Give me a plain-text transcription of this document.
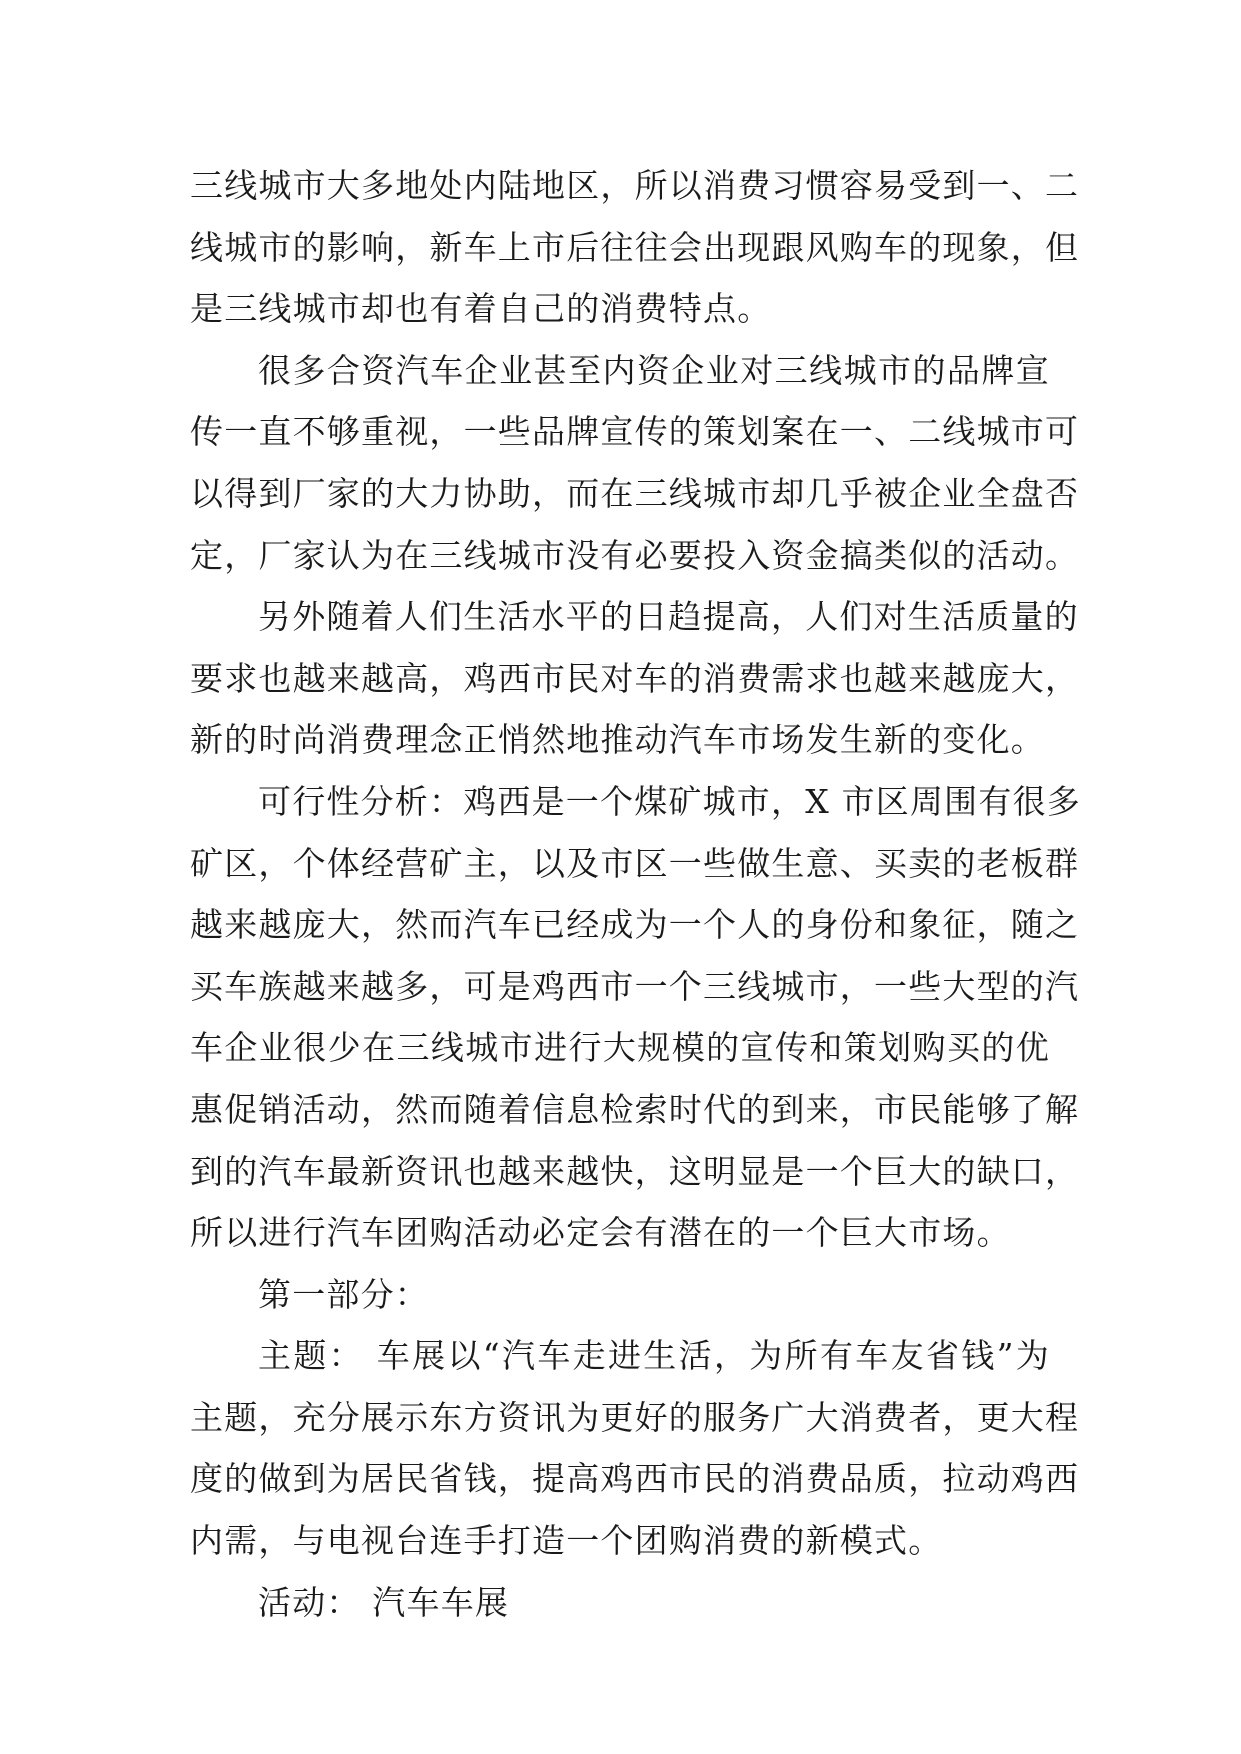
三线城市大多地处内陆地区，所以消费习惯容易受到一、二
线城市的影响，新车上市后往往会出现跟风购车的现象，但
是三线城市却也有着自己的消费特点。
很多合资汽车企业甚至内资企业对三线城市的品牌宣
传一直不够重视，一些品牌宣传的策划案在一、二线城市可
以得到厂家的大力协助，而在三线城市却几乎被企业全盘否
定，厂家认为在三线城市没有必要投入资金搞类似的活动。
另外随着人们生活水平的日趋提高，人们对生活质量的
要求也越来越高，鸡西市民对车的消费需求也越来越庞大，
新的时尚消费理念正悄然地推动汽车市场发生新的变化。
可行性分析：鸡西是一个煤矿城市，X 市区周围有很多
矿区，个体经营矿主，以及市区一些做生意、买卖的老板群
越来越庞大，然而汽车已经成为一个人的身份和象征，随之
买车族越来越多，可是鸡西市一个三线城市，一些大型的汽
车企业很少在三线城市进行大规模的宣传和策划购买的优
惠促销活动，然而随着信息检索时代的到来，市民能够了解
到的汽车最新资讯也越来越快，这明显是一个巨大的缺口，
所以进行汽车团购活动必定会有潜在的一个巨大市场。
第一部分：
主题： 车展以“汽车走进生活，为所有车友省钱”为
主题，充分展示东方资讯为更好的服务广大消费者，更大程
度的做到为居民省钱，提高鸡西市民的消费品质，拉动鸡西
内需，与电视台连手打造一个团购消费的新模式。
活动： 汽车车展
